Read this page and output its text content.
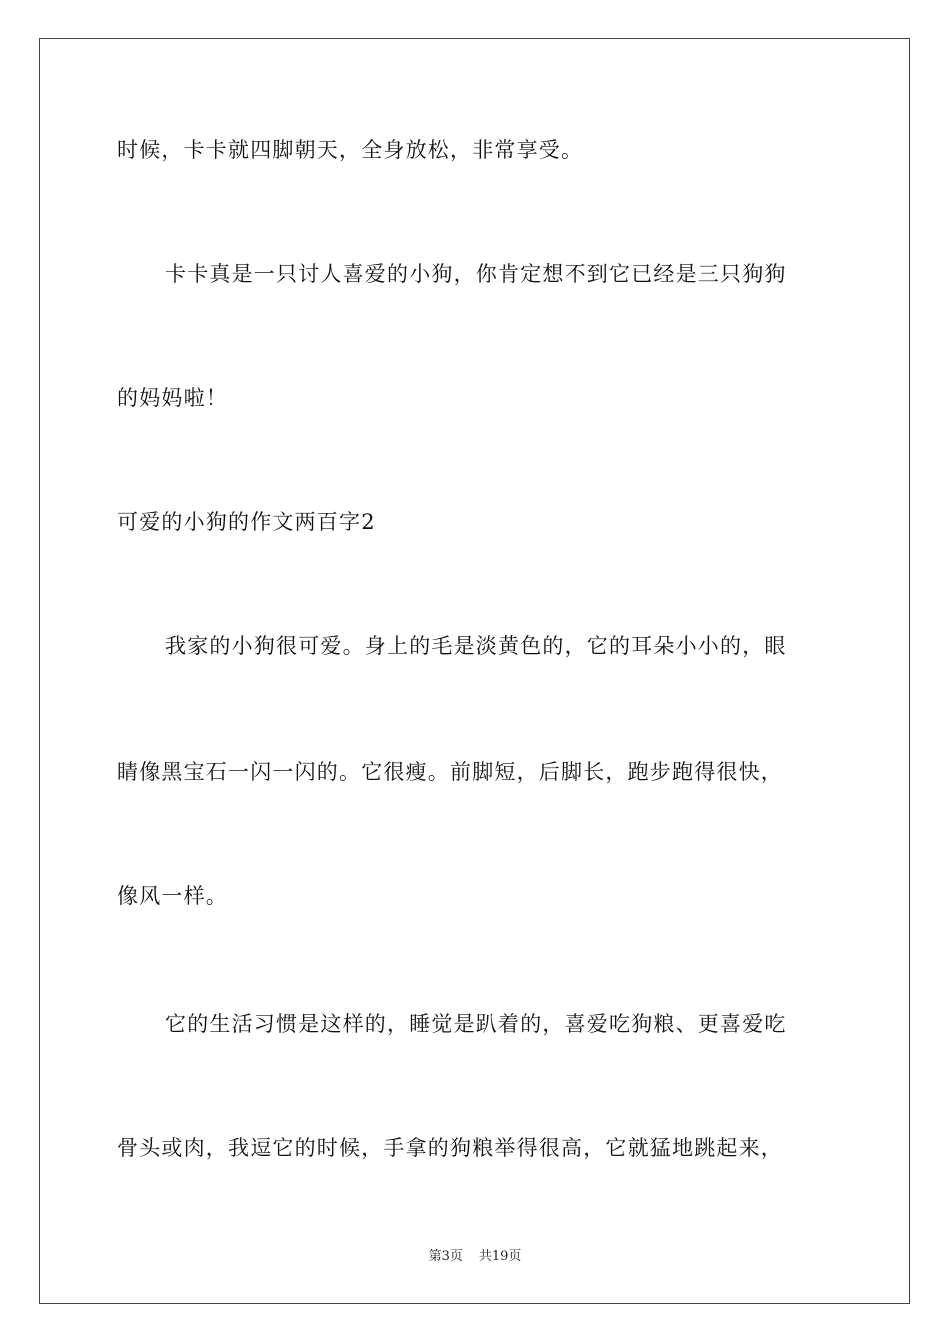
时候，卡卡就四脚朝天，全身放松，非常享受。
卡卡真是一只讨人喜爱的小狗，你肯定想不到它已经是三只狗狗
的妈妈啦！
可爱的小狗的作文两百字2
我家的小狗很可爱。身上的毛是淡黄色的，它的耳朵小小的，眼
睛像黑宝石一闪一闪的。它很瘦。前脚短，后脚长，跑步跑得很快，
像风一样。
它的生活习惯是这样的，睡觉是趴着的，喜爱吃狗粮、更喜爱吃
骨头或肉，我逗它的时候，手拿的狗粮举得很高，它就猛地跳起来，
第3页 共19页
